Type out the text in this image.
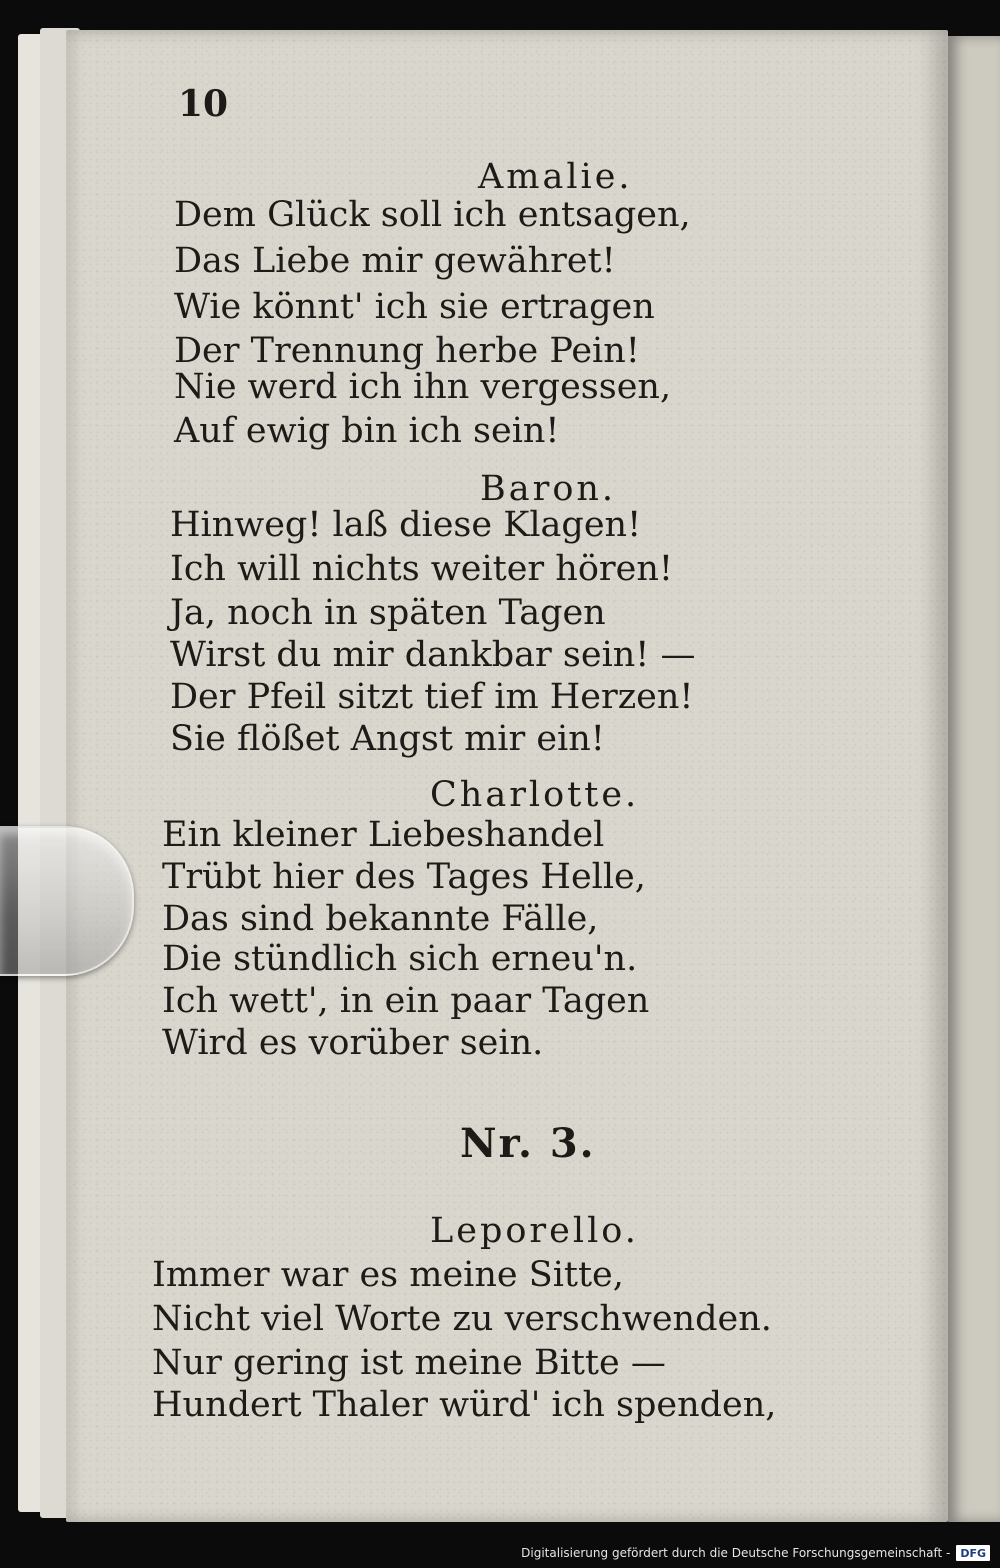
10
Amalie.
Dem Glück soll ich entsagen,
Das Liebe mir gewähret!
Wie könnt' ich sie ertragen
Der Trennung herbe Pein!
Nie werd ich ihn vergessen,
Auf ewig bin ich sein!
Baron.
Hinweg! laß diese Klagen!
Ich will nichts weiter hören!
Ja, noch in späten Tagen
Wirst du mir dankbar sein! —
Der Pfeil sitzt tief im Herzen!
Sie flößet Angst mir ein!
Charlotte.
Ein kleiner Liebeshandel
Trübt hier des Tages Helle,
Das sind bekannte Fälle,
Die stündlich sich erneu'n.
Ich wett', in ein paar Tagen
Wird es vorüber sein.
Nr. 3.
Leporello.
Immer war es meine Sitte,
Nicht viel Worte zu verschwenden.
Nur gering ist meine Bitte —
Hundert Thaler würd' ich spenden,
Digitalisierung gefördert durch die Deutsche Forschungsgemeinschaft - DFG
